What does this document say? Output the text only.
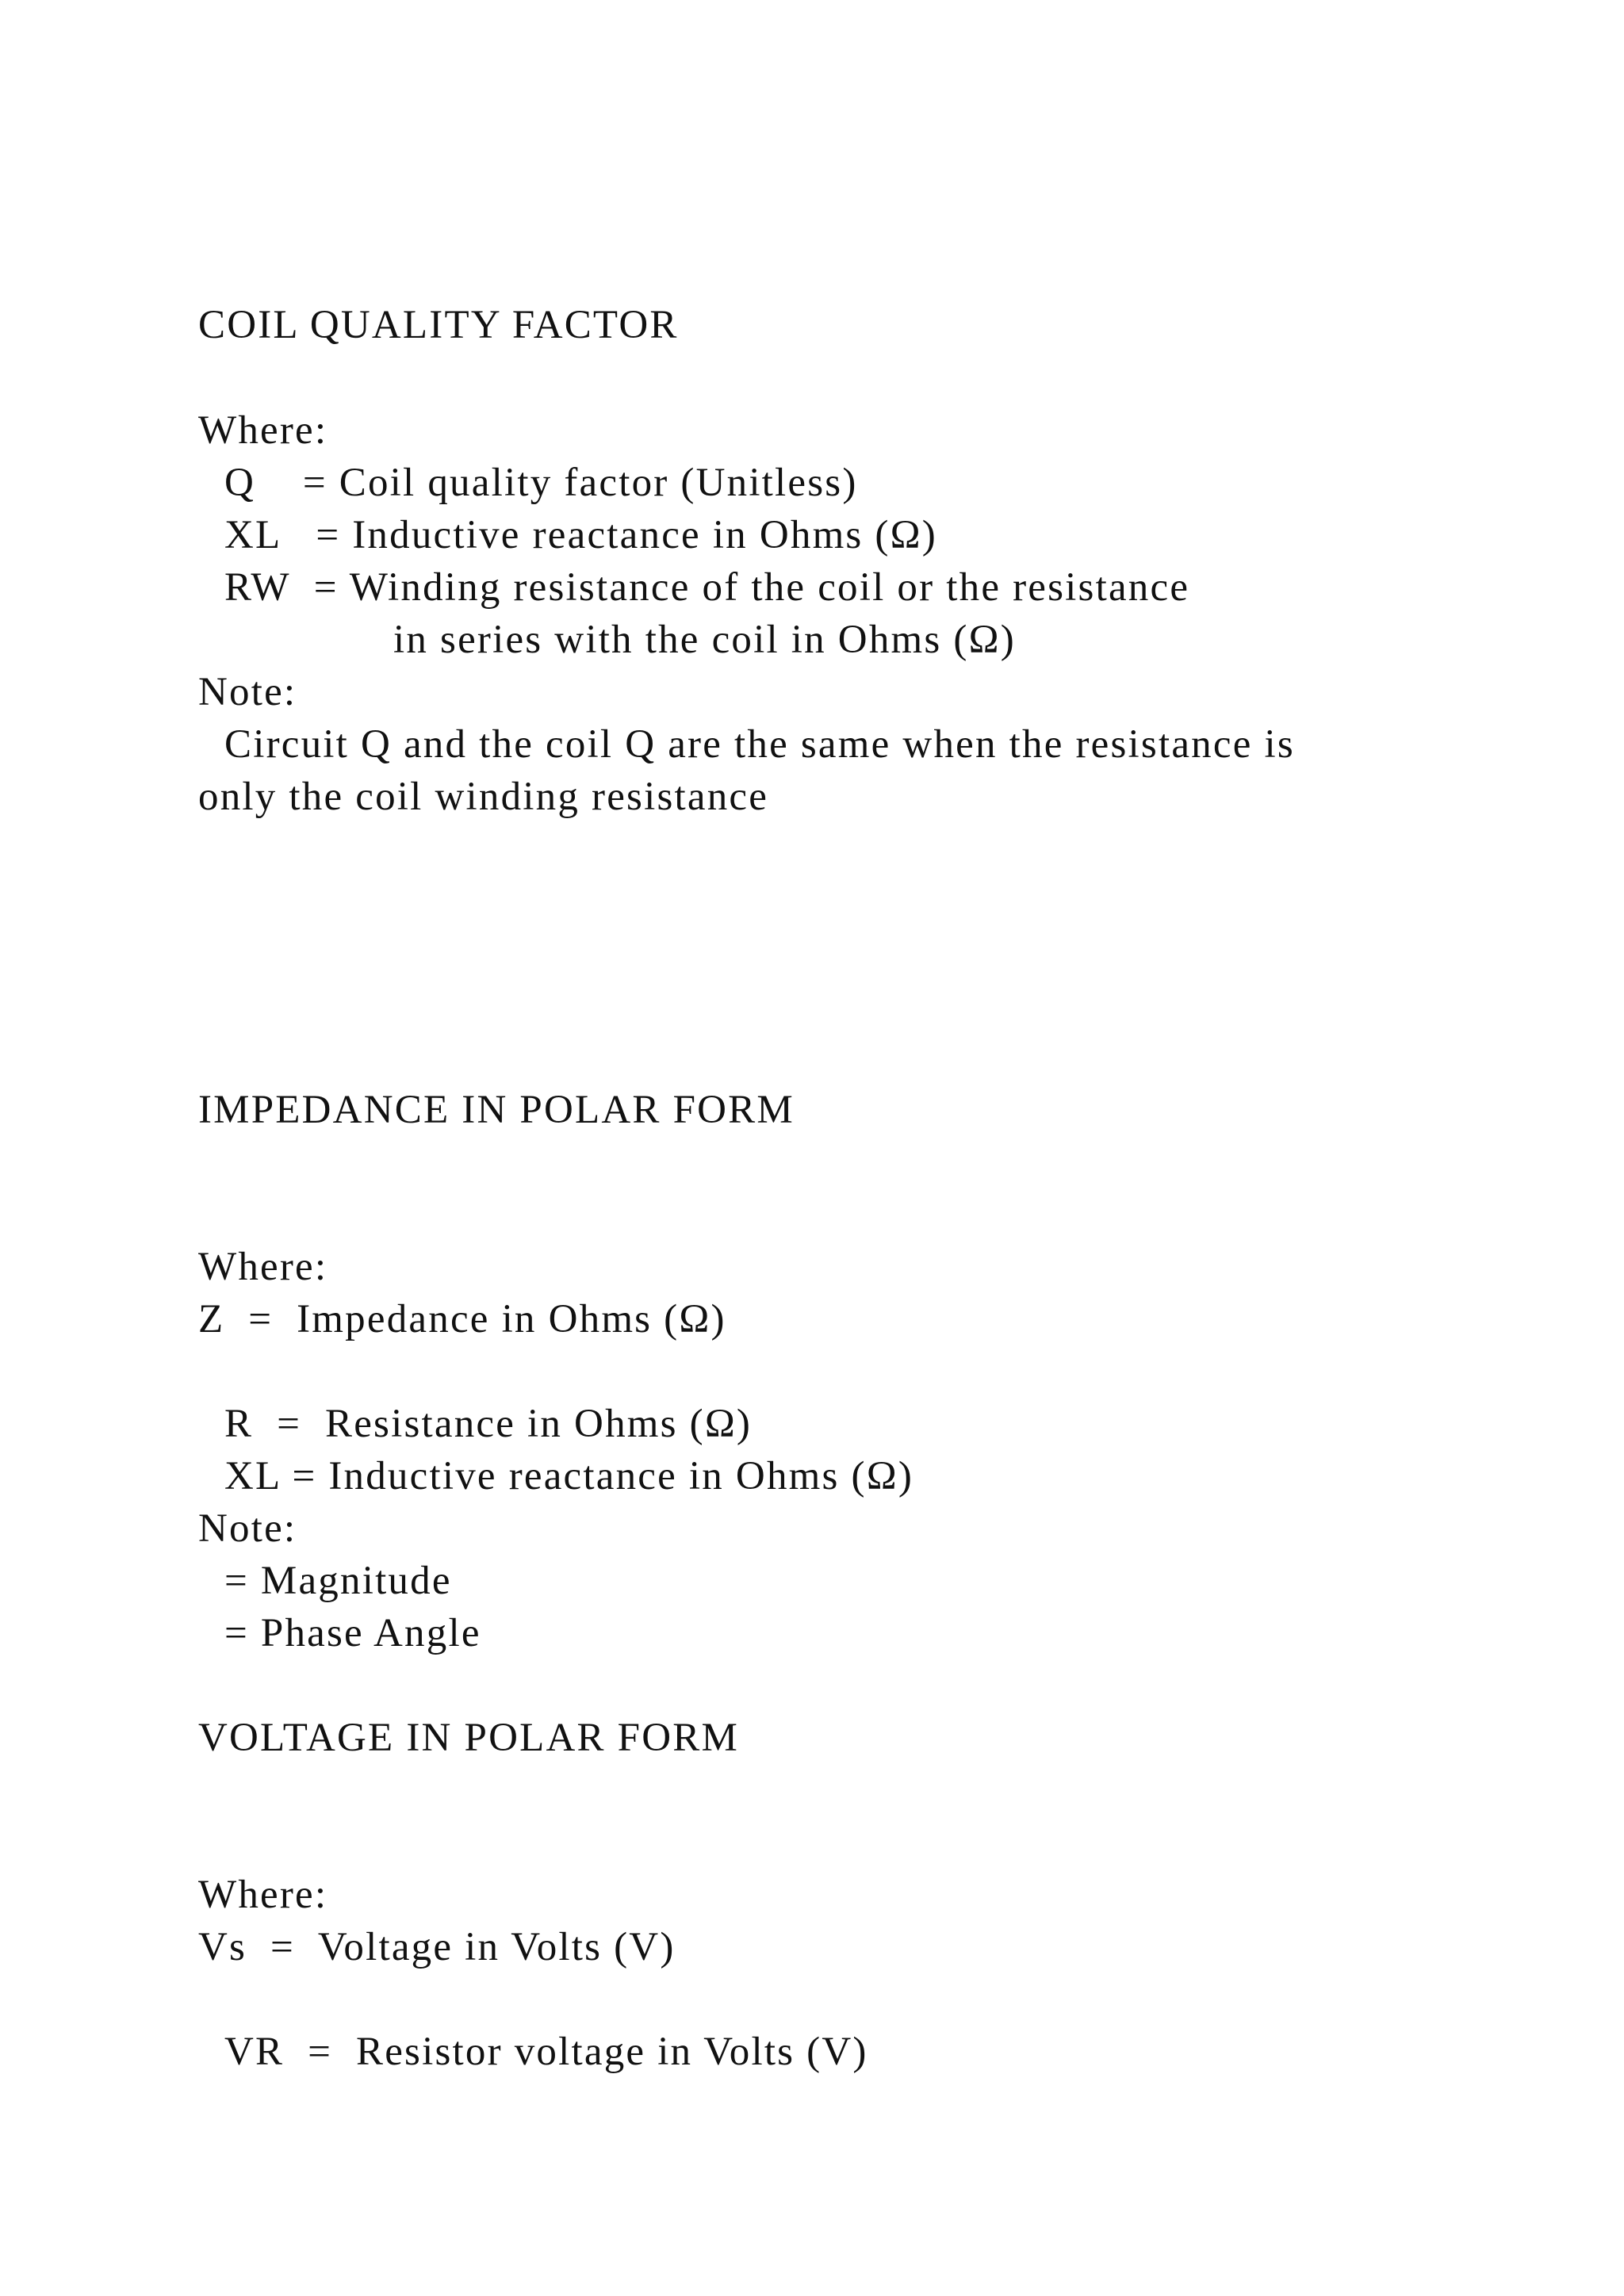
COIL QUALITY FACTOR
Where:
Q    = Coil quality factor (Unitless)
XL   = Inductive reactance in Ohms (Ω)
RW  = Winding resistance of the coil or the resistance
in series with the coil in Ohms (Ω)
Note:
Circuit Q and the coil Q are the same when the resistance is
only the coil winding resistance
IMPEDANCE IN POLAR FORM
Where:
Z  =  Impedance in Ohms (Ω)
R  =  Resistance in Ohms (Ω)
XL = Inductive reactance in Ohms (Ω)
Note:
= Magnitude
= Phase Angle
VOLTAGE IN POLAR FORM
Where:
Vs  =  Voltage in Volts (V)
VR  =  Resistor voltage in Volts (V)
